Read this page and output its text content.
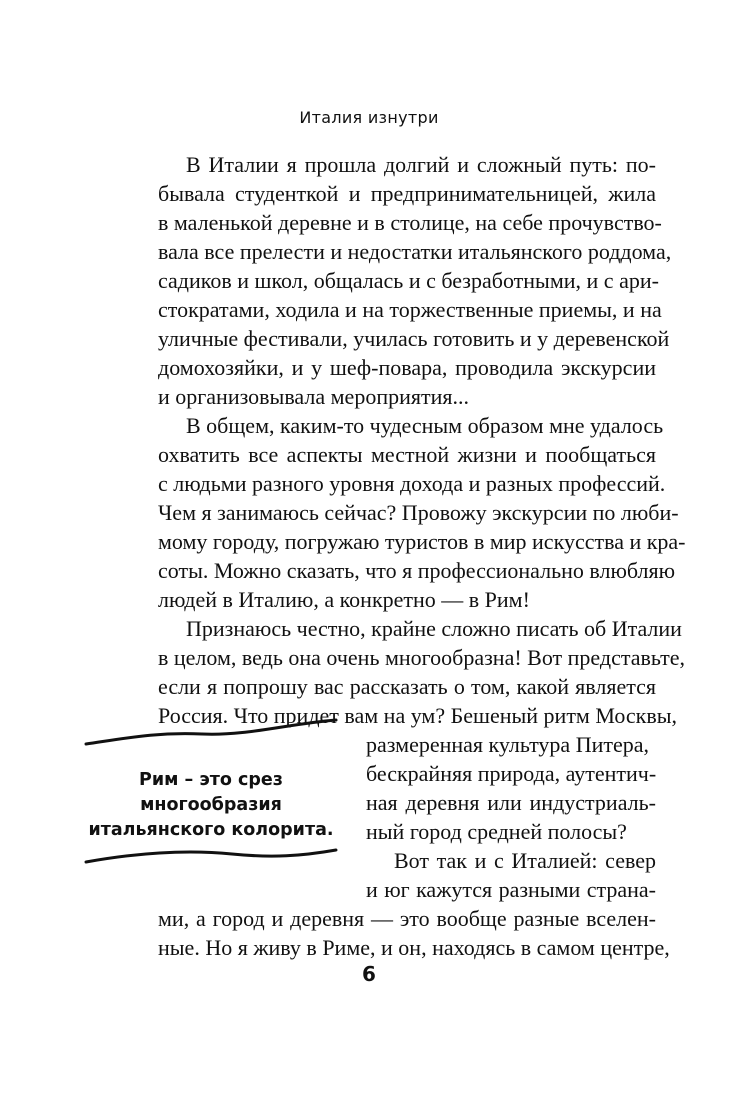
Италия изнутри
В Италии я прошла долгий и сложный путь: по-
бывала студенткой и предпринимательницей, жила
в маленькой деревне и в столице, на себе прочувство-
вала все прелести и недостатки итальянского роддома,
садиков и школ, общалась и с безработными, и с ари-
стократами, ходила и на торжественные приемы, и на
уличные фестивали, училась готовить и у деревенской
домохозяйки, и у шеф-повара, проводила экскурсии
и организовывала мероприятия...
В общем, каким-то чудесным образом мне удалось
охватить все аспекты местной жизни и пообщаться
с людьми разного уровня дохода и разных профессий.
Чем я занимаюсь сейчас? Провожу экскурсии по люби-
мому городу, погружаю туристов в мир искусства и кра-
соты. Можно сказать, что я профессионально влюбляю
людей в Италию, а конкретно — в Рим!
Признаюсь честно, крайне сложно писать об Италии
в целом, ведь она очень многообразна! Вот представьте,
если я попрошу вас рассказать о том, какой является
Россия. Что придет вам на ум? Бешеный ритм Москвы,
размеренная культура Питера,
бескрайняя природа, аутентич-
ная деревня или индустриаль-
ный город средней полосы?
Вот так и с Италией: север
и юг кажутся разными страна-
ми, а город и деревня — это вообще разные вселен-
ные. Но я живу в Риме, и он, находясь в самом центре,
Рим – это срез
многообразия
итальянского колорита.
6
